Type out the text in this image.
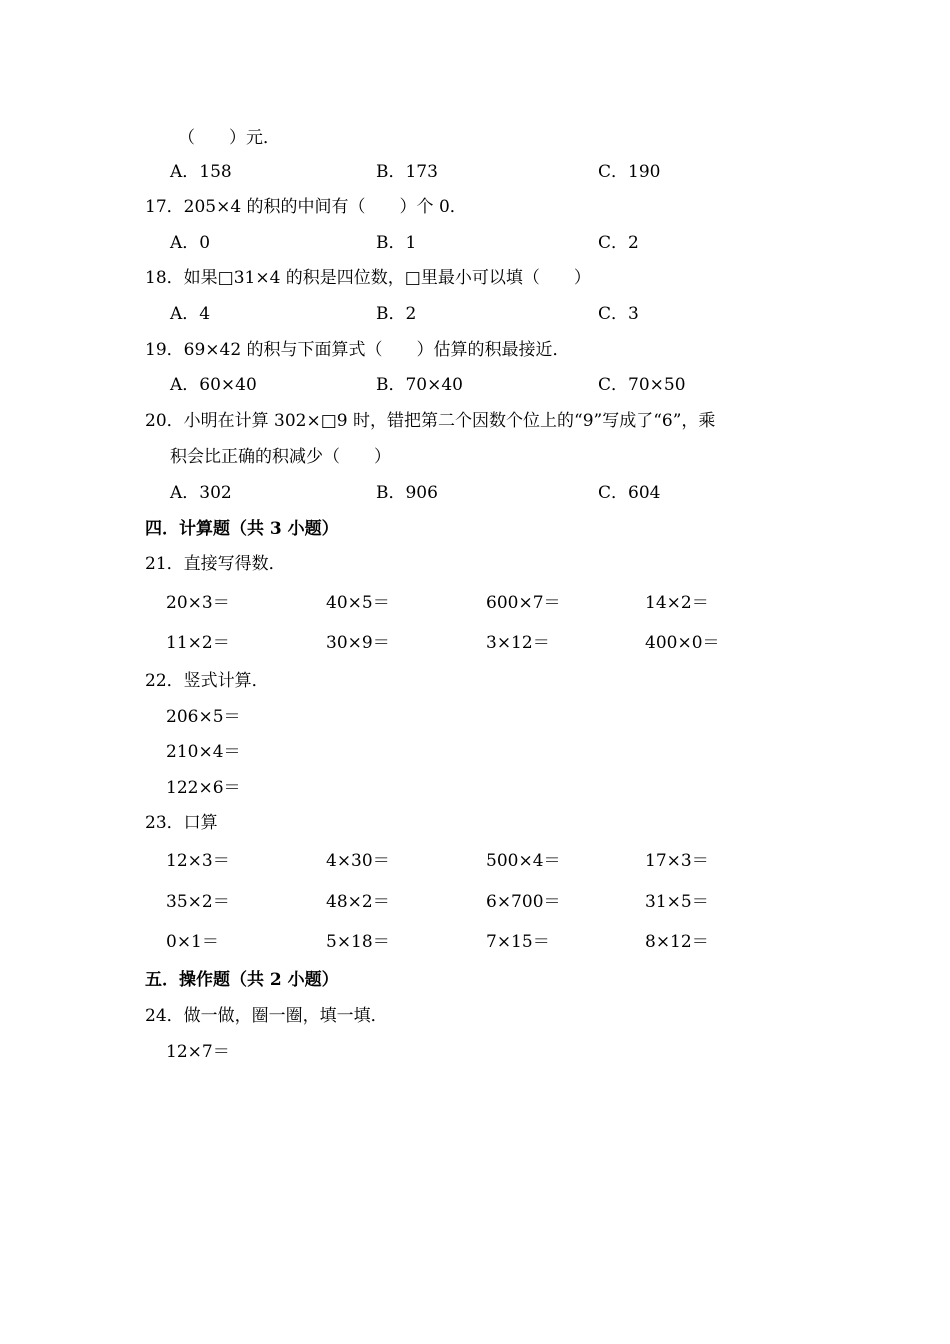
（　　）元．
A．158	B．173	C．190
17．205×4 的积的中间有（　　）个 0．
A．0	B．1	C．2
18．如果□31×4 的积是四位数，□里最小可以填（　　）
A．4	B．2	C．3
19．69×42 的积与下面算式（　　）估算的积最接近．
A．60×40	B．70×40	C．70×50
20．小明在计算 302×□9 时，错把第二个因数个位上的“9”写成了“6”，乘
积会比正确的积减少（　　）
A．302	B．906	C．604
四．计算题（共 3 小题）
21．直接写得数．
20×3＝	40×5＝	600×7＝	14×2＝
11×2＝	30×9＝	3×12＝	400×0＝
22．竖式计算．
206×5＝
210×4＝
122×6＝
23．口算
12×3＝	4×30＝	500×4＝	17×3＝
35×2＝	48×2＝	6×700＝	31×5＝
0×1＝	5×18＝	7×15＝	8×12＝
五．操作题（共 2 小题）
24．做一做，圈一圈，填一填．
12×7＝
